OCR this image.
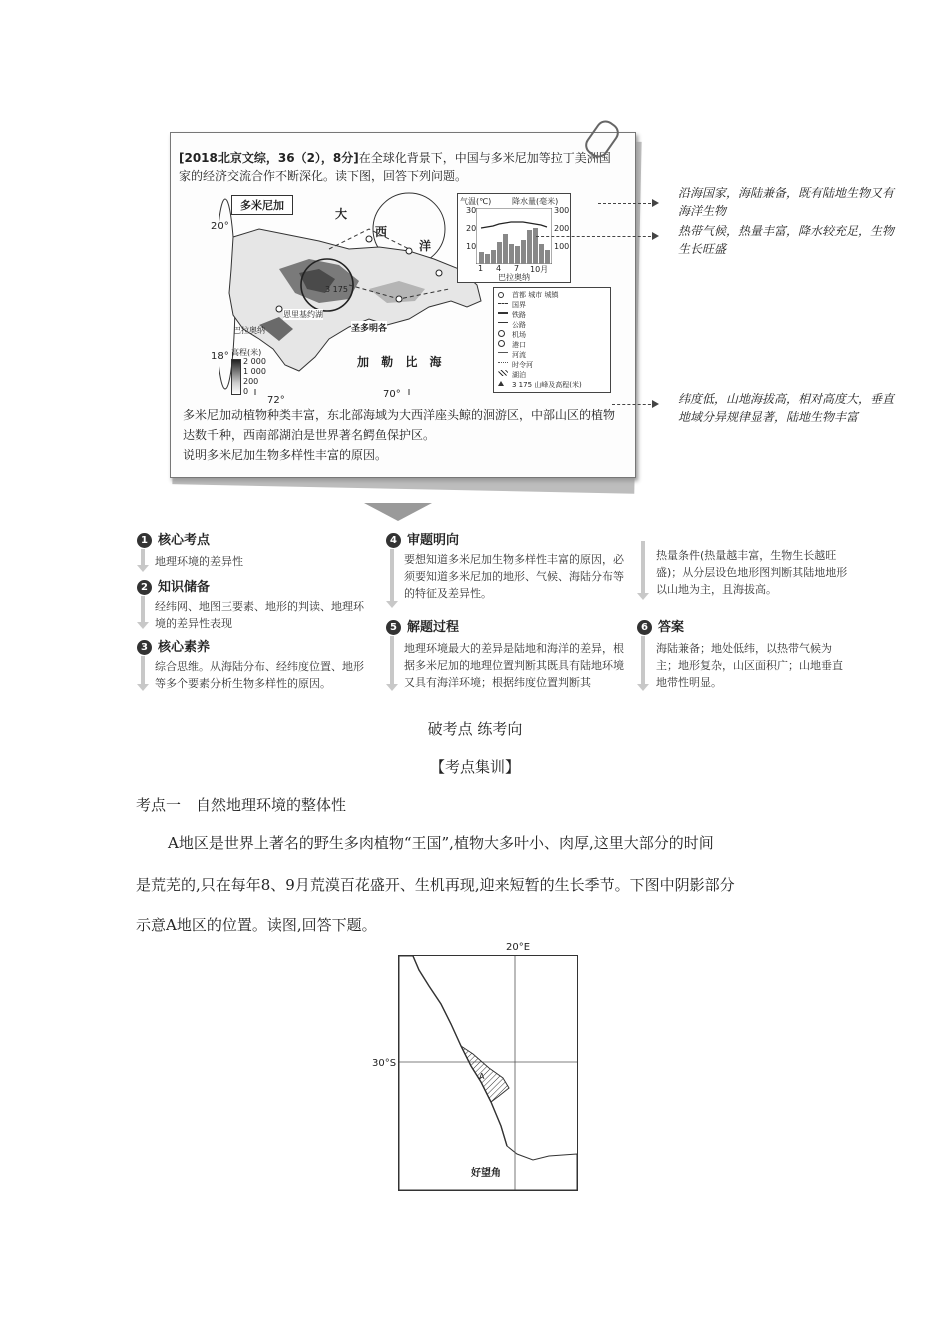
[2018北京文综，36（2），8分]在全球化背景下，中国与多米尼加等拉丁美洲国家的经济交流合作不断深化。读下图，回答下列问题。
多米尼加
大
西
洋
加 勒 比 海
20°
18°
72°
70°
3 175
恩里基约湖
圣多明各
巴拉奥纳
高程(米)
2 000
1 000
200
0
气温(℃)	降水量(毫米)
30
20
10
300
200
100
1 4 7 10月
巴拉奥纳
首都 城市 城镇
国界
铁路
公路
机场
港口
河流
时令河
湖泊
3 175 山峰及高程(米)

多米尼加动植物种类丰富，东北部海域为大西洋座头鲸的洄游区，中部山区的植物达数千种，西南部湖泊是世界著名鳄鱼保护区。

说明多米尼加生物多样性丰富的原因。

沿海国家，海陆兼备，既有陆地生物又有海洋生物
热带气候，热量丰富，降水较充足，生物生长旺盛
纬度低，山地海拔高，相对高度大，垂直地域分异规律显著，陆地生物丰富
1 核心考点
地理环境的差异性
2 知识储备
经纬网、地图三要素、地形的判读、地理环境的差异性表现
3 核心素养
综合思维。从海陆分布、经纬度位置、地形等多个要素分析生物多样性的原因。
4 审题明向
要想知道多米尼加生物多样性丰富的原因，必须要知道多米尼加的地形、气候、海陆分布等的特征及差异性。
5 解题过程
地理环境最大的差异是陆地和海洋的差异，根据多米尼加的地理位置判断其既具有陆地环境又具有海洋环境；根据纬度位置判断其
热量条件(热量越丰富，生物生长越旺盛)；从分层设色地形图判断其陆地地形以山地为主，且海拔高。
6 答案
海陆兼备；地处低纬，以热带气候为主；地形复杂，山区面积广；山地垂直地带性明显。
破考点 练考向
【考点集训】
考点一　自然地理环境的整体性
A地区是世界上著名的野生多肉植物“王国”,植物大多叶小、肉厚,这里大部分的时间
是荒芜的,只在每年8、9月荒漠百花盛开、生机再现,迎来短暂的生长季节。下图中阴影部分
示意A地区的位置。读图,回答下题。
20°E
30°S
A
好望角
